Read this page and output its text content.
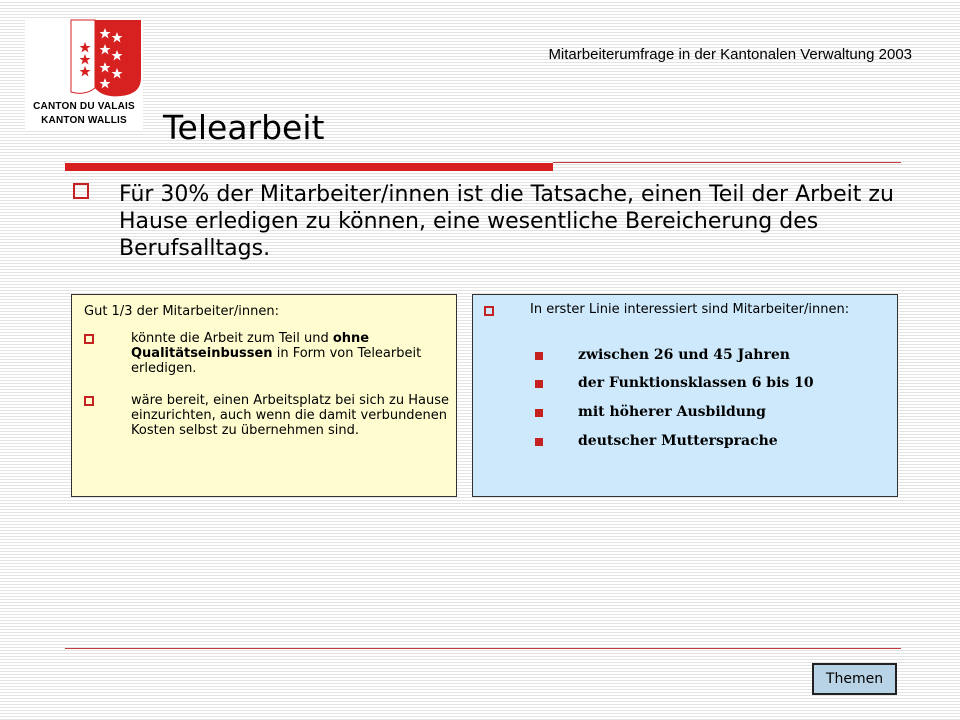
CANTON DU VALAIS
KANTON WALLIS
Mitarbeiterumfrage in der Kantonalen Verwaltung 2003
Telearbeit
Für 30% der Mitarbeiter/innen ist die Tatsache, einen Teil der Arbeit zu Hause erledigen zu können, eine wesentliche Bereicherung des Berufsalltags.
Gut 1/3 der Mitarbeiter/innen:
könnte die Arbeit zum Teil und ohne Qualitätseinbussen in Form von Telearbeit erledigen.
wäre bereit, einen Arbeitsplatz bei sich zu Hause einzurichten, auch wenn die damit verbundenen Kosten selbst zu übernehmen sind.
In erster Linie interessiert sind Mitarbeiter/innen:
zwischen 26 und 45 Jahren
der Funktionsklassen 6 bis 10
mit höherer Ausbildung
deutscher Muttersprache
Themen
